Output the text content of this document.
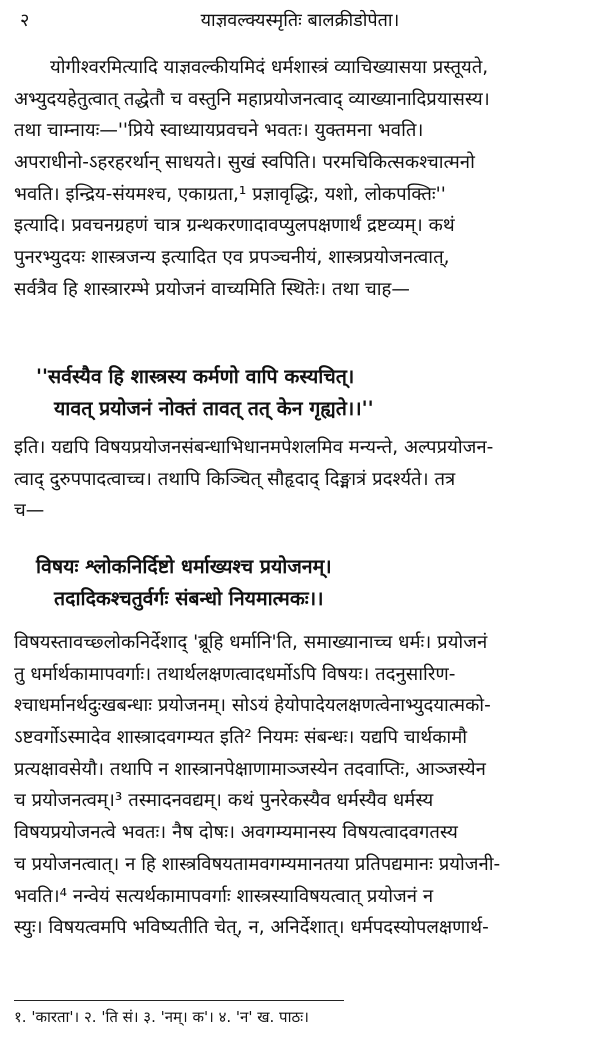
२	याज्ञवल्क्यस्मृतिः बालक्रीडोपेता।
योगीश्वरमित्यादि याज्ञवल्कीयमिदं धर्मशास्त्रं व्याचिख्यासया प्रस्तूयते,
अभ्युदयहेतुत्वात् तद्धेतौ च वस्तुनि महाप्रयोजनत्वाद् व्याख्यानादिप्रयासस्य।
तथा चाम्नायः—''प्रिये स्वाध्यायप्रवचने भवतः। युक्तमना भवति।
अपराधीनो-ऽहरहरर्थान् साधयते। सुखं स्वपिति। परमचिकित्सकश्चात्मनो
भवति। इन्द्रिय-संयमश्च, एकाग्रता,¹ प्रज्ञावृद्धिः, यशो, लोकपक्तिः''
इत्यादि। प्रवचनग्रहणं चात्र ग्रन्थकरणादावप्युलपक्षणार्थं द्रष्टव्यम्। कथं
पुनरभ्युदयः शास्त्रजन्य इत्यादित एव प्रपञ्चनीयं, शास्त्रप्रयोजनत्वात्,
सर्वत्रैव हि शास्त्रारम्भे प्रयोजनं वाच्यमिति स्थितेः। तथा चाह—
''सर्वस्यैव हि शास्त्रस्य कर्मणो वापि कस्यचित्।
यावत् प्रयोजनं नोक्तं तावत् तत् केन गृह्यते।।''
इति। यद्यपि विषयप्रयोजनसंबन्धाभिधानमपेशलमिव मन्यन्ते, अल्पप्रयोजन-
त्वाद् दुरुपपादत्वाच्च। तथापि किञ्चित् सौहृदाद् दिङ्मात्रं प्रदर्श्यते। तत्र
च—
विषयः श्लोकनिर्दिष्टो धर्माख्यश्च प्रयोजनम्।
तदादिकश्चतुर्वर्गः संबन्धो नियमात्मकः।।
विषयस्तावच्छ्लोकनिर्देशाद् 'ब्रूहि धर्मानि'ति, समाख्यानाच्च धर्मः। प्रयोजनं
तु धर्मार्थकामापवर्गाः। तथार्थलक्षणत्वादधर्मोऽपि विषयः। तदनुसारिण-
श्चाधर्मानर्थदुःखबन्धाः प्रयोजनम्। सोऽयं हेयोपादेयलक्षणत्वेनाभ्युदयात्मको-
ऽष्टवर्गोऽस्मादेव शास्त्रादवगम्यत इति² नियमः संबन्धः। यद्यपि चार्थकामौ
प्रत्यक्षावसेयौ। तथापि न शास्त्रानपेक्षाणामाञ्जस्येन तदवाप्तिः, आञ्जस्येन
च प्रयोजनत्वम्।³ तस्मादनवद्यम्। कथं पुनरेकस्यैव धर्मस्यैव धर्मस्य
विषयप्रयोजनत्वे भवतः। नैष दोषः। अवगम्यमानस्य विषयत्वादवगतस्य
च प्रयोजनत्वात्। न हि शास्त्रविषयतामवगम्यमानतया प्रतिपद्यमानः प्रयोजनी-
भवति।⁴ नन्वेयं सत्यर्थकामापवर्गाः शास्त्रस्याविषयत्वात् प्रयोजनं न
स्युः। विषयत्वमपि भविष्यतीति चेत्, न, अनिर्देशात्। धर्मपदस्योपलक्षणार्थ-
१. 'कारता'। २. 'ति सं। ३. 'नम्। क'। ४. 'न' ख. पाठः।
